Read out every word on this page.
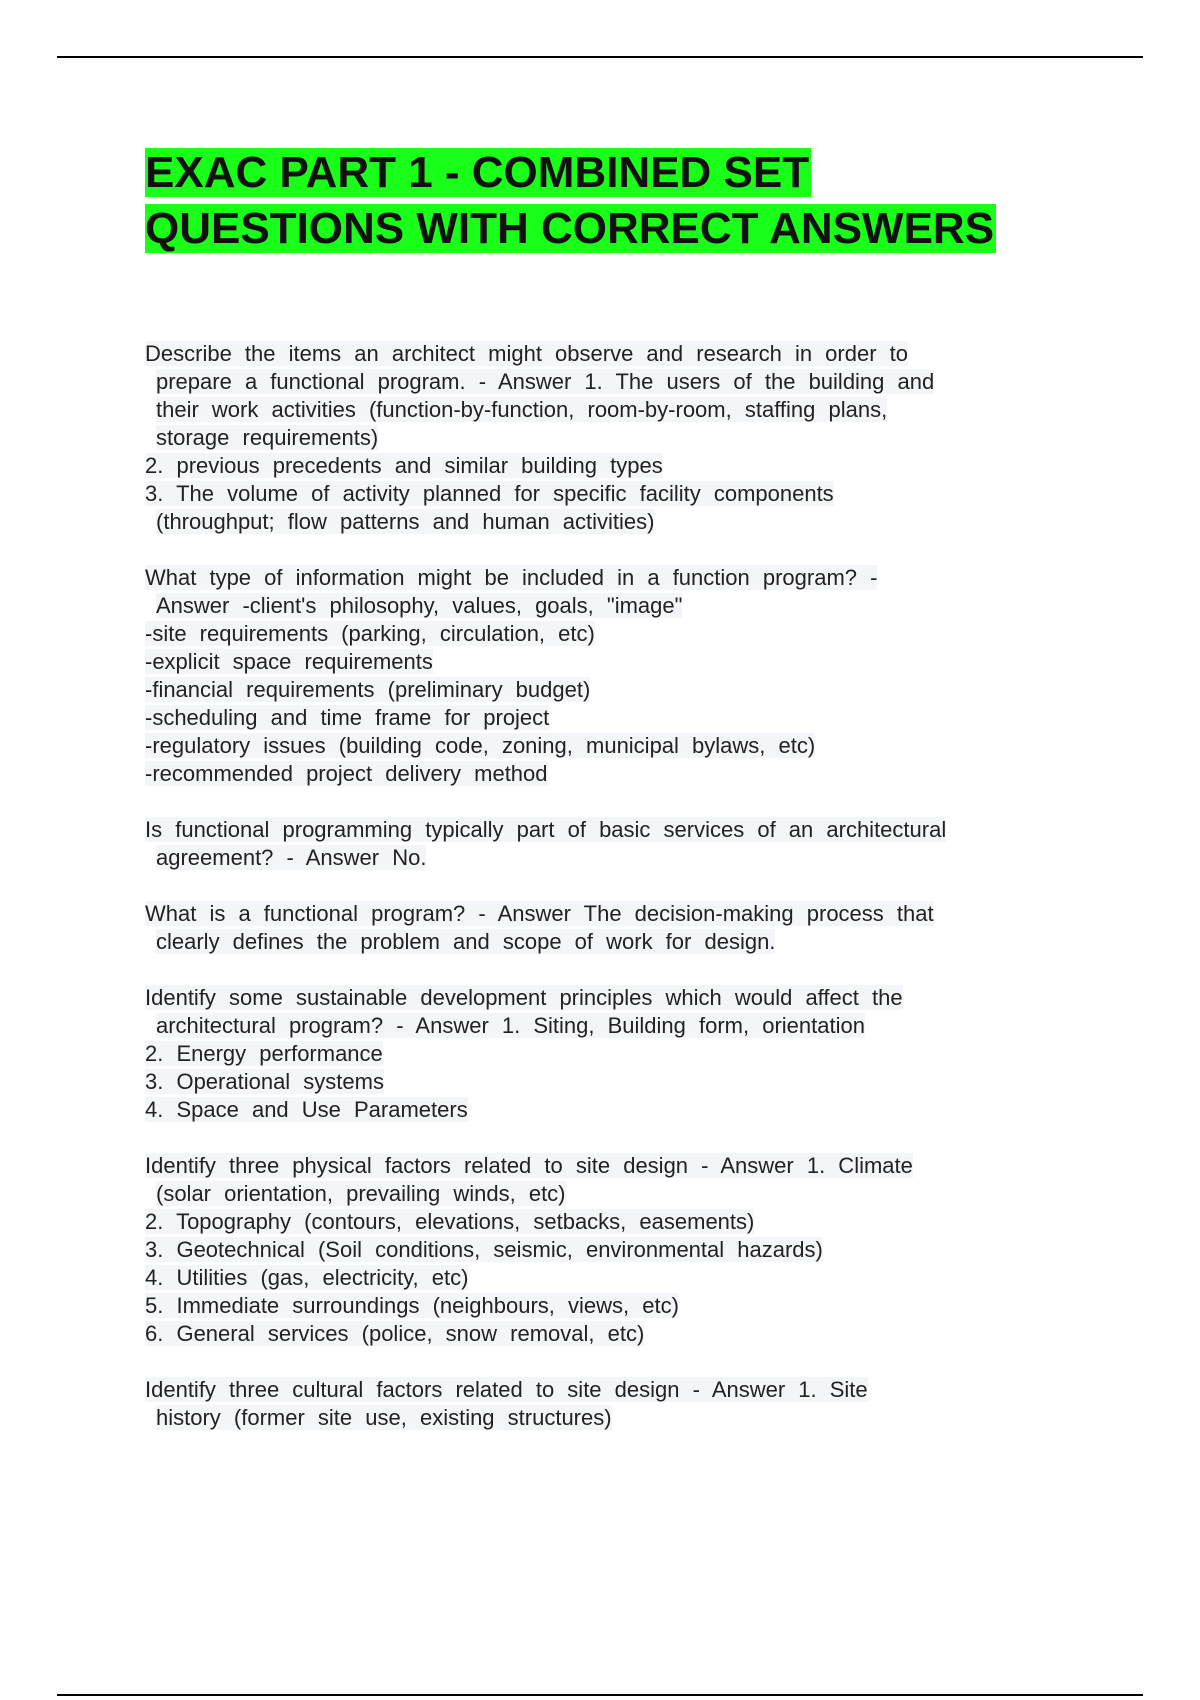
EXAC PART 1 - COMBINED SET
QUESTIONS WITH CORRECT ANSWERS
Describe the items an architect might observe and research in order to
prepare a functional program. - Answer 1. The users of the building and
their work activities (function-by-function, room-by-room, staffing plans,
storage requirements)
2. previous precedents and similar building types
3. The volume of activity planned for specific facility components
(throughput; flow patterns and human activities)
What type of information might be included in a function program? -
Answer -client's philosophy, values, goals, "image"
-site requirements (parking, circulation, etc)
-explicit space requirements
-financial requirements (preliminary budget)
-scheduling and time frame for project
-regulatory issues (building code, zoning, municipal bylaws, etc)
-recommended project delivery method
Is functional programming typically part of basic services of an architectural
agreement? - Answer No.
What is a functional program? - Answer The decision-making process that
clearly defines the problem and scope of work for design.
Identify some sustainable development principles which would affect the
architectural program? - Answer 1. Siting, Building form, orientation
2. Energy performance
3. Operational systems
4. Space and Use Parameters
Identify three physical factors related to site design - Answer 1. Climate
(solar orientation, prevailing winds, etc)
2. Topography (contours, elevations, setbacks, easements)
3. Geotechnical (Soil conditions, seismic, environmental hazards)
4. Utilities (gas, electricity, etc)
5. Immediate surroundings (neighbours, views, etc)
6. General services (police, snow removal, etc)
Identify three cultural factors related to site design - Answer 1. Site
history (former site use, existing structures)
